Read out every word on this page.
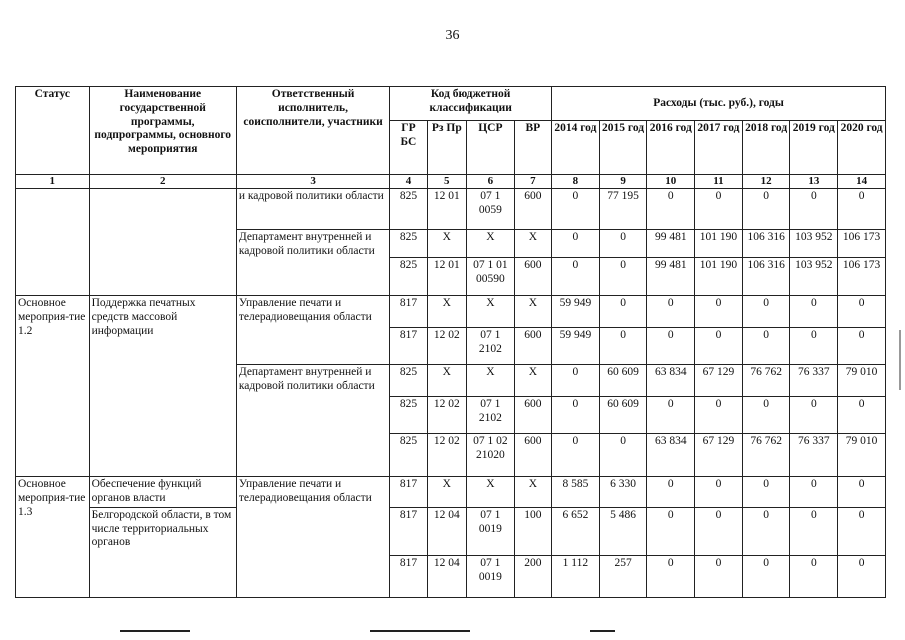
36
Статус	Наименование государственной программы, подпрограммы, основного мероприятия	Ответственный исполнитель, соисполнители, участники	Код бюджетной классификации				Расходы (тыс. руб.), годы						
			ГР БС	Рз Пр	ЦСР	ВР	2014 год	2015 год	2016 год	2017 год	2018 год	2019 год	2020 год
1	2	3	4	5	6	7	8	9	10	11	12	13	14
		и кадровой политики области	825	12 01	07 1 0059	600	0	77 195	0	0	0	0	0
		Департамент внутренней и кадровой политики области	825	X	X	X	0	0	99 481	101 190	106 316	103 952	106 173
			825	12 01	07 1 01 00590	600	0	0	99 481	101 190	106 316	103 952	106 173
Основное мероприя-тие 1.2	Поддержка печатных средств массовой информации	Управление печати и телерадиовещания области	817	X	X	X	59 949	0	0	0	0	0	0
			817	12 02	07 1 2102	600	59 949	0	0	0	0	0	0
		Департамент внутренней и кадровой политики области	825	X	X	X	0	60 609	63 834	67 129	76 762	76 337	79 010
			825	12 02	07 1 2102	600	0	60 609	0	0	0	0	0
			825	12 02	07 1 02 21020	600	0	0	63 834	67 129	76 762	76 337	79 010
Основное мероприя-тие 1.3	Обеспечение функций органов власти	Управление печати и телерадиовещания области	817	X	X	X	8 585	6 330	0	0	0	0	0
	Белгородской области, в том числе территориальных органов		817	12 04	07 1 0019	100	6 652	5 486	0	0	0	0	0
			817	12 04	07 1 0019	200	1 112	257	0	0	0	0	0
